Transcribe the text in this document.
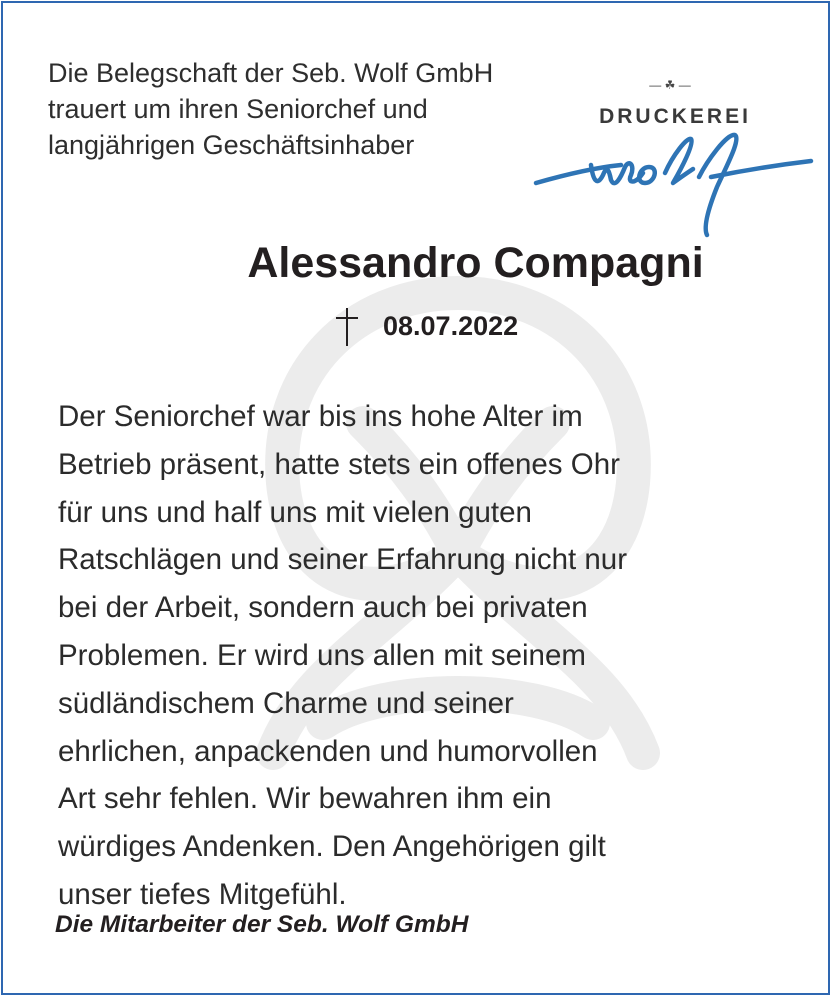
Die Belegschaft der Seb. Wolf GmbH
trauert um ihren Seniorchef und
langjährigen Geschäftsinhaber
— ☘ —
DRUCKEREI
Alessandro Compagni
08.07.2022
Der Seniorchef war bis ins hohe Alter im
Betrieb präsent, hatte stets ein offenes Ohr
für uns und half uns mit vielen guten
Ratschlägen und seiner Erfahrung nicht nur
bei der Arbeit, sondern auch bei privaten
Problemen. Er wird uns allen mit seinem
südländischem Charme und seiner
ehrlichen, anpackenden und humorvollen
Art sehr fehlen. Wir bewahren ihm ein
würdiges Andenken. Den Angehörigen gilt
unser tiefes Mitgefühl.
Die Mitarbeiter der Seb. Wolf GmbH
